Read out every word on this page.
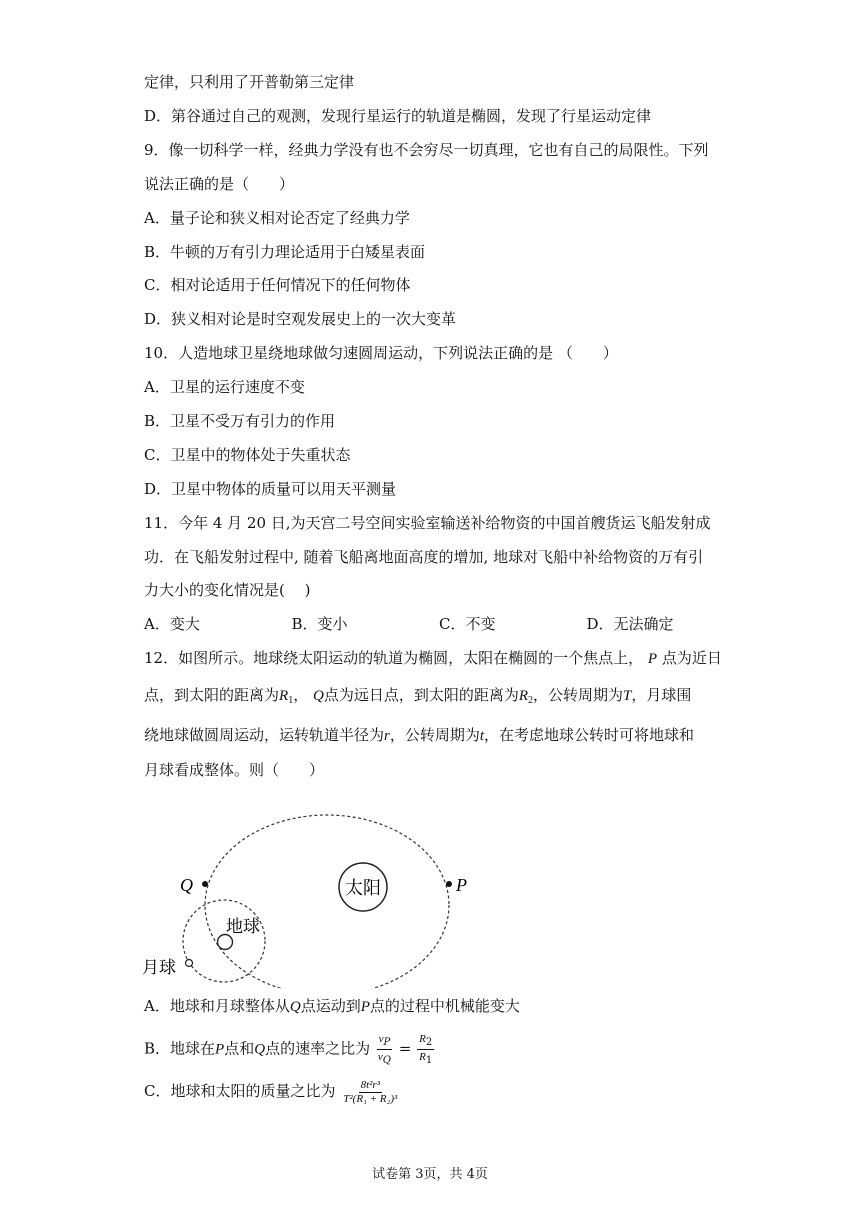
定律，只利用了开普勒第三定律
D．第谷通过自己的观测，发现行星运行的轨道是椭圆，发现了行星运动定律
9．像一切科学一样，经典力学没有也不会穷尽一切真理，它也有自己的局限性。下列
说法正确的是（　　）
A．量子论和狭义相对论否定了经典力学
B．牛顿的万有引力理论适用于白矮星表面
C．相对论适用于任何情况下的任何物体
D．狭义相对论是时空观发展史上的一次大变革
10．人造地球卫星绕地球做匀速圆周运动，下列说法正确的是 （　　）
A．卫星的运行速度不变
B．卫星不受万有引力的作用
C．卫星中的物体处于失重状态
D．卫星中物体的质量可以用天平测量
11．今年 4 月 20 日,为天宫二号空间实验室输送补给物资的中国首艘货运飞船发射成
功．在飞船发射过程中, 随着飞船离地面高度的增加, 地球对飞船中补给物资的万有引
力大小的变化情况是(　 )
A．变大	B．变小	C．不变	D．无法确定
12．如图所示。地球绕太阳运动的轨道为椭圆，太阳在椭圆的一个焦点上， P 点为近日
点，到太阳的距离为$R_1$， Q点为远日点，到太阳的距离为$R_2$，公转周期为T，月球围
绕地球做圆周运动，运转轨道半径为r，公转周期为t，在考虑地球公转时可将地球和
月球看成整体。则（　　）
太阳
Q	P
地球
月球
A．地球和月球整体从Q点运动到P点的过程中机械能变大
B．地球在P点和Q点的速率之比为 $\frac{vP}{vQ} = \frac{R2}{R1}$
C．地球和太阳的质量之比为 $\frac{\text{8t²r³}}{\text{T²(R₁ + R₂)³}}$
试卷第 3页，共 4页
